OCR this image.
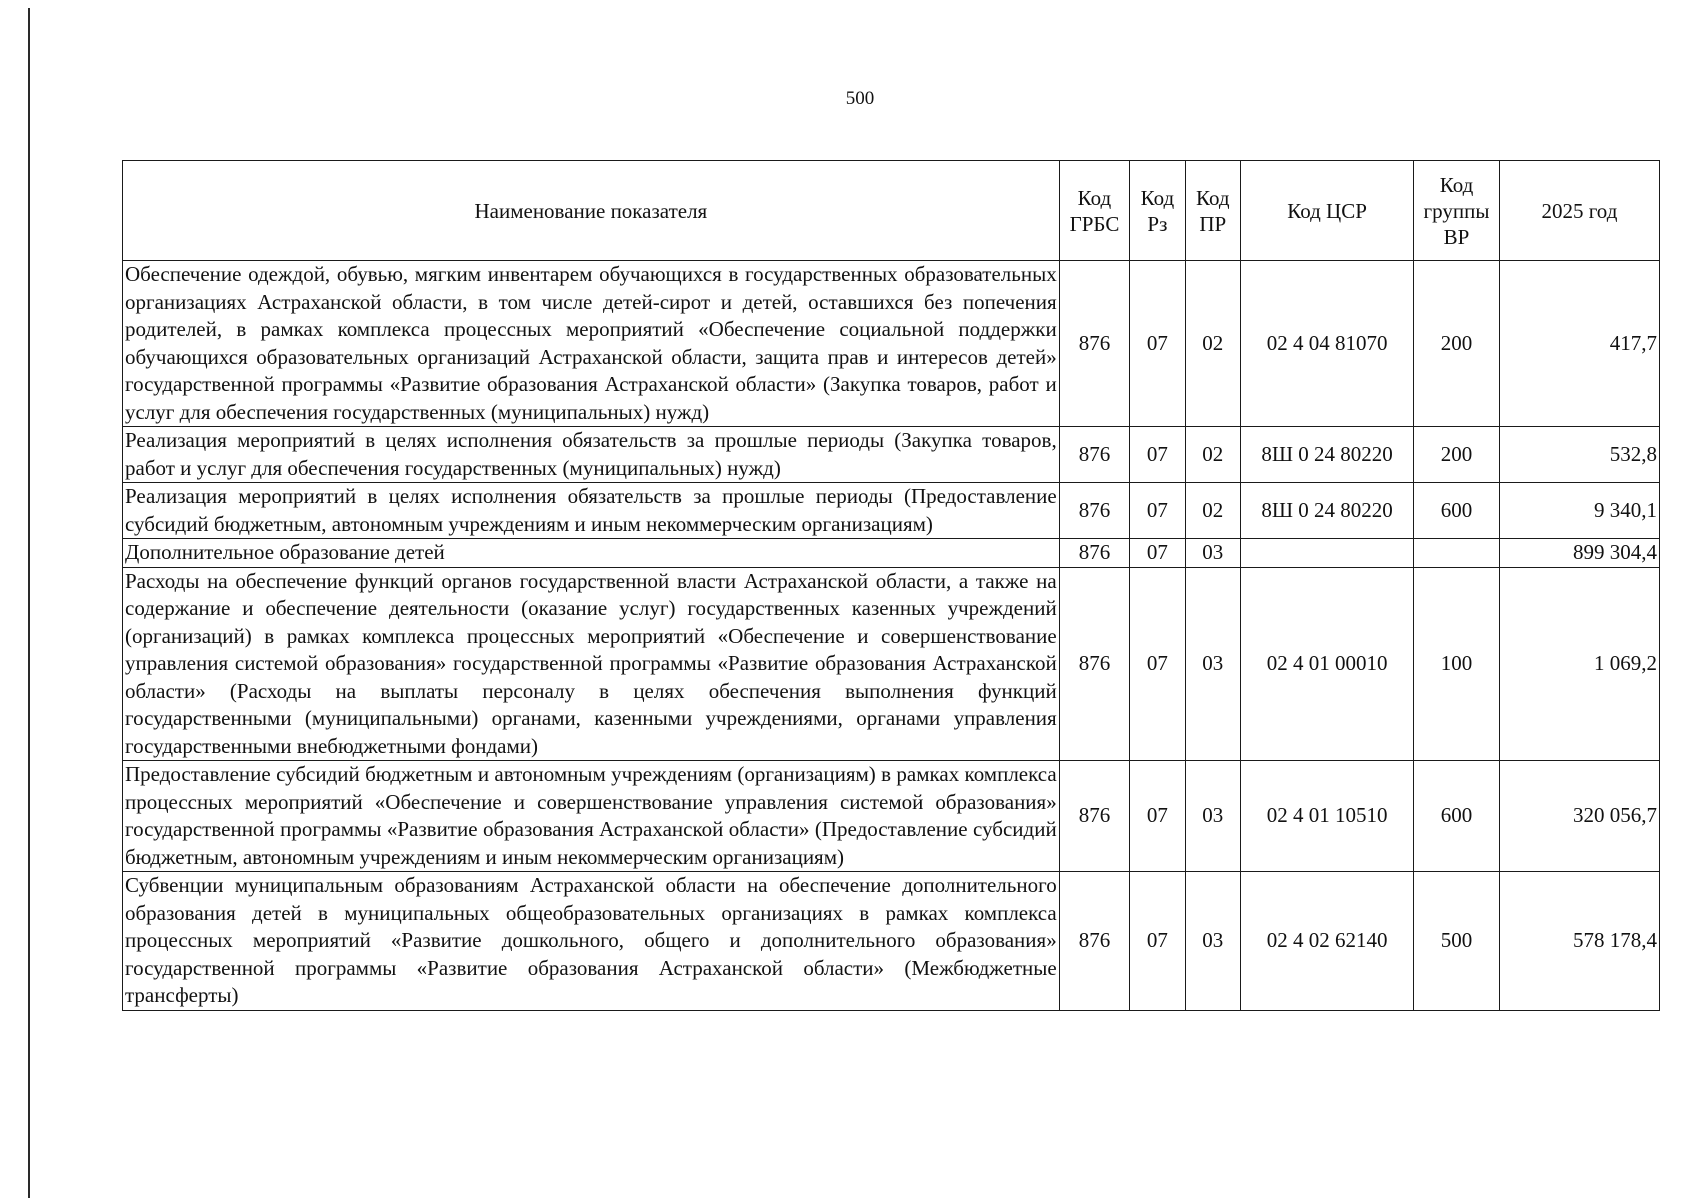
500
Наименование показателя	Код ГРБС	Код Рз	Код ПР	Код ЦСР	Код группы ВР	2025 год
Обеспечение одеждой, обувью, мягким инвентарем обучающихся в государственных образовательных организациях Астраханской области, в том числе детей-сирот и детей, оставшихся без попечения родителей, в рамках комплекса процессных мероприятий «Обеспечение социальной поддержки обучающихся образовательных организаций Астраханской области, защита прав и интересов детей» государственной программы «Развитие образования Астраханской области» (Закупка товаров, работ и услуг для обеспечения государственных (муниципальных) нужд)	876	07	02	02 4 04 81070	200	417,7
Реализация мероприятий в целях исполнения обязательств за прошлые периоды (Закупка товаров, работ и услуг для обеспечения государственных (муниципальных) нужд)	876	07	02	8Ш 0 24 80220	200	532,8
Реализация мероприятий в целях исполнения обязательств за прошлые периоды (Предоставление субсидий бюджетным, автономным учреждениям и иным некоммерческим организациям)	876	07	02	8Ш 0 24 80220	600	9 340,1
Дополнительное образование детей	876	07	03			899 304,4
Расходы на обеспечение функций органов государственной власти Астраханской области, а также на содержание и обеспечение деятельности (оказание услуг) государственных казенных учреждений (организаций) в рамках комплекса процессных мероприятий «Обеспечение и совершенствование управления системой образования» государственной программы «Развитие образования Астраханской области» (Расходы на выплаты персоналу в целях обеспечения выполнения функций государственными (муниципальными) органами, казенными учреждениями, органами управления государственными внебюджетными фондами)	876	07	03	02 4 01 00010	100	1 069,2
Предоставление субсидий бюджетным и автономным учреждениям (организациям) в рамках комплекса процессных мероприятий «Обеспечение и совершенствование управления системой образования» государственной программы «Развитие образования Астраханской области» (Предоставление субсидий бюджетным, автономным учреждениям и иным некоммерческим организациям)	876	07	03	02 4 01 10510	600	320 056,7
Субвенции муниципальным образованиям Астраханской области на обеспечение дополнительного образования детей в муниципальных общеобразовательных организациях в рамках комплекса процессных мероприятий «Развитие дошкольного, общего и дополнительного образования» государственной программы «Развитие образования Астраханской области» (Межбюджетные трансферты)	876	07	03	02 4 02 62140	500	578 178,4
